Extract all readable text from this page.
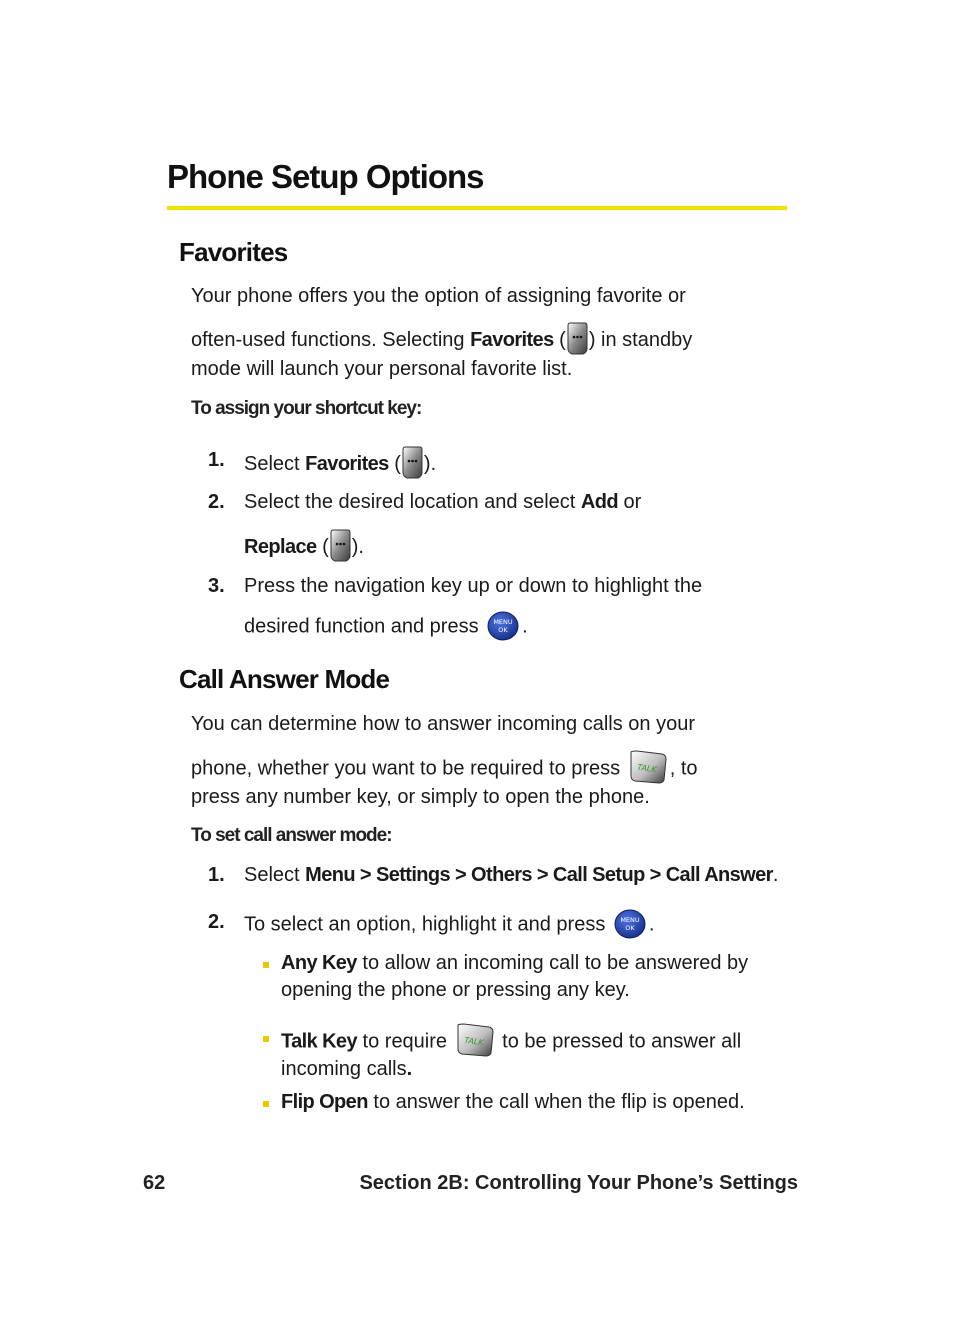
Phone Setup Options
Favorites
Your phone offers you the option of assigning favorite or
often-used functions. Selecting Favorites ( ) in standby
mode will launch your personal favorite list.
To assign your shortcut key:
1. Select Favorites ( ).
2. Select the desired location and select Add or
Replace ( ).
3. Press the navigation key up or down to highlight the
desired function and press MENU
OK .
Call Answer Mode
You can determine how to answer incoming calls on your
phone, whether you want to be required to press TALK , to
press any number key, or simply to open the phone.
To set call answer mode:
1. Select Menu > Settings > Others > Call Setup > Call Answer.
2. To select an option, highlight it and press MENU
OK .
Any Key to allow an incoming call to be answered by
opening the phone or pressing any key.
Talk Key to require TALK to be pressed to answer all
incoming calls.
Flip Open to answer the call when the flip is opened.
62	Section 2B: Controlling Your Phone’s Settings
